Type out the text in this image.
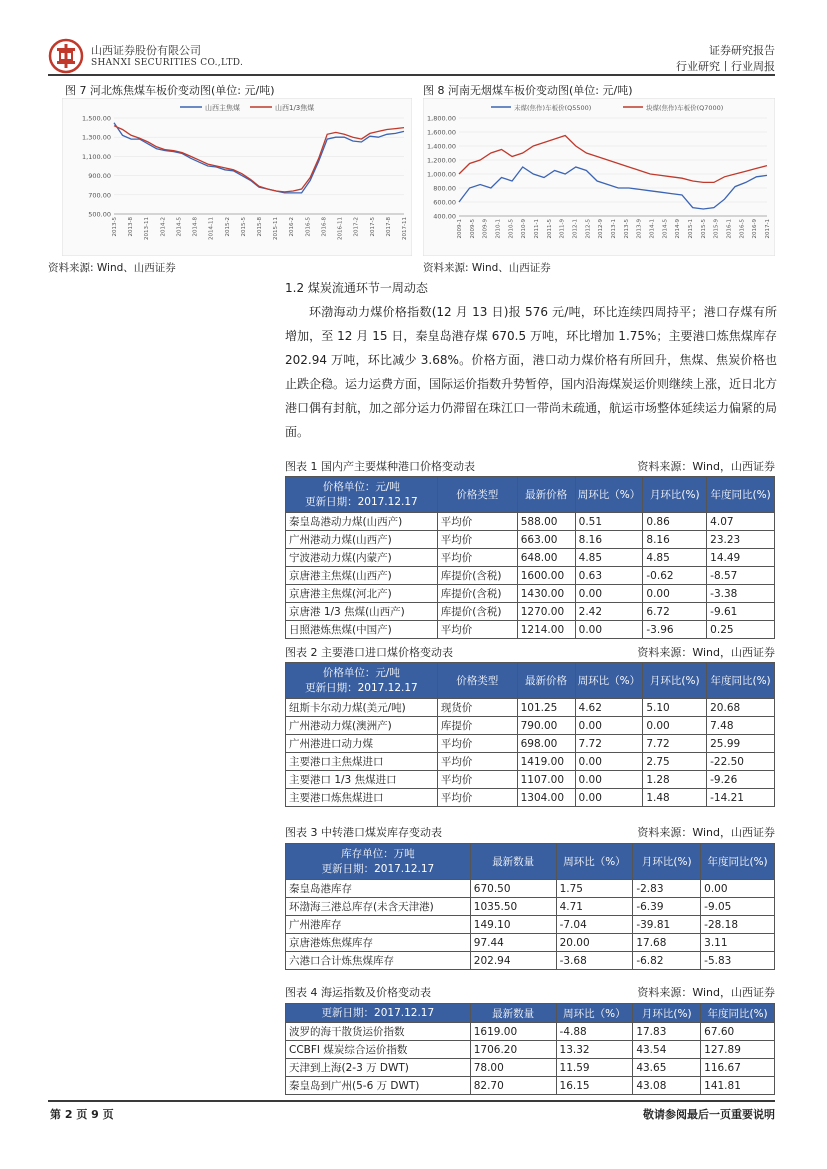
山西证券股份有限公司
SHANXI SECURITIES CO.,LTD.
证券研究报告
行业研究丨行业周报
图 7 河北炼焦煤车板价变动图(单位: 元/吨)
山西主焦煤	山西1/3焦煤
1,500.00
1,300.00
1,100.00
900.00
700.00
500.00
2013-5 2013-8 2013-11 2014-2 2014-5 2014-8 2014-11 2015-2 2015-5 2015-8 2015-11 2016-2 2016-5 2016-8 2016-11 2017-2 2017-5 2017-8 2017-11
资料来源: Wind、山西证券
图 8 河南无烟煤车板价变动图(单位: 元/吨)
末煤(焦作)车板价(Q5500)	块煤(焦作)车板价(Q7000)
1,800.00
1,600.00
1,400.00
1,200.00
1,000.00
800.00
600.00
400.00
2009-1 2009-5 2009-9 2010-1 2010-5 2010-9 2011-1 2011-5 2011-9 2012-1 2012-5 2012-9 2013-1 2013-5 2013-9 2014-1 2014-5 2014-9 2015-1 2015-5 2015-9 2016-1 2016-5 2016-9 2017-1
资料来源: Wind、山西证券
1.2 煤炭流通环节一周动态
环渤海动力煤价格指数(12 月 13 日)报 576 元/吨，环比连续四周持平；港口存煤有所增加，至 12 月 15 日，秦皇岛港存煤 670.5 万吨，环比增加 1.75%；主要港口炼焦煤库存 202.94 万吨，环比减少 3.68%。价格方面，港口动力煤价格有所回升，焦煤、焦炭价格也止跌企稳。运力运费方面，国际运价指数升势暂停，国内沿海煤炭运价则继续上涨，近日北方港口偶有封航，加之部分运力仍滞留在珠江口一带尚未疏通，航运市场整体延续运力偏紧的局面。
图表 1 国内产主要煤种港口价格变动表	资料来源：Wind，山西证券
价格单位：元/吨
更新日期：2017.12.17	价格类型	最新价格	周环比（%）	月环比(%)	年度同比(%)
秦皇岛港动力煤(山西产)	平均价	588.00	0.51	0.86	4.07
广州港动力煤(山西产)	平均价	663.00	8.16	8.16	23.23
宁波港动力煤(内蒙产)	平均价	648.00	4.85	4.85	14.49
京唐港主焦煤(山西产)	库提价(含税)	1600.00	0.63	-0.62	-8.57
京唐港主焦煤(河北产)	库提价(含税)	1430.00	0.00	0.00	-3.38
京唐港 1/3 焦煤(山西产)	库提价(含税)	1270.00	2.42	6.72	-9.61
日照港炼焦煤(中国产)	平均价	1214.00	0.00	-3.96	0.25
图表 2 主要港口进口煤价格变动表	资料来源：Wind，山西证券
价格单位：元/吨
更新日期：2017.12.17	价格类型	最新价格	周环比（%）	月环比(%)	年度同比(%)
纽斯卡尔动力煤(美元/吨)	现货价	101.25	4.62	5.10	20.68
广州港动力煤(澳洲产)	库提价	790.00	0.00	0.00	7.48
广州港进口动力煤	平均价	698.00	7.72	7.72	25.99
主要港口主焦煤进口	平均价	1419.00	0.00	2.75	-22.50
主要港口 1/3 焦煤进口	平均价	1107.00	0.00	1.28	-9.26
主要港口炼焦煤进口	平均价	1304.00	0.00	1.48	-14.21
图表 3 中转港口煤炭库存变动表	资料来源：Wind，山西证券
库存单位：万吨
更新日期：2017.12.17	最新数量	周环比（%）	月环比(%)	年度同比(%)
秦皇岛港库存	670.50	1.75	-2.83	0.00
环渤海三港总库存(未含天津港)	1035.50	4.71	-6.39	-9.05
广州港库存	149.10	-7.04	-39.81	-28.18
京唐港炼焦煤库存	97.44	20.00	17.68	3.11
六港口合计炼焦煤库存	202.94	-3.68	-6.82	-5.83
图表 4 海运指数及价格变动表	资料来源：Wind，山西证券
更新日期：2017.12.17	最新数量	周环比（%）	月环比(%)	年度同比(%)
波罗的海干散货运价指数	1619.00	-4.88	17.83	67.60
CCBFI 煤炭综合运价指数	1706.20	13.32	43.54	127.89
天津到上海(2-3 万 DWT)	78.00	11.59	43.65	116.67
秦皇岛到广州(5-6 万 DWT)	82.70	16.15	43.08	141.81
第 2 页 9 页	敬请参阅最后一页重要说明
